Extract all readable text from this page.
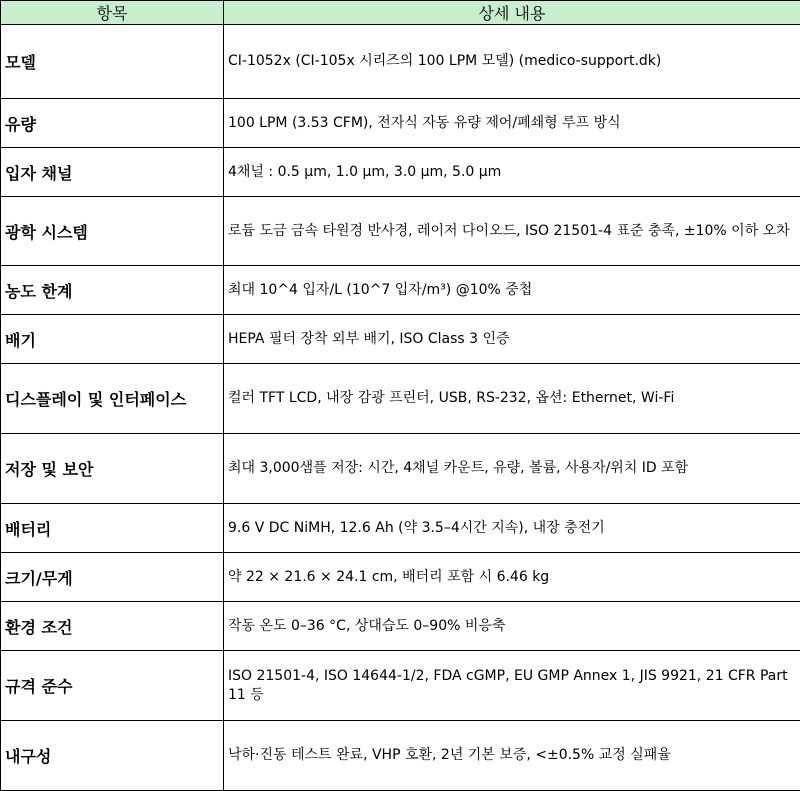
항목	상세 내용
모델	CI-1052x (CI-105x 시리즈의 100 LPM 모델) (medico-support.dk)
유량	100 LPM (3.53 CFM), 전자식 자동 유량 제어/폐쇄형 루프 방식
입자 채널	4채널 : 0.5 µm, 1.0 µm, 3.0 µm, 5.0 µm
광학 시스템	로듐 도금 금속 타원경 반사경, 레이저 다이오드, ISO 21501-4 표준 충족, ±10% 이하 오차
농도 한계	최대 10^4 입자/L (10^7 입자/m³) @10% 중첩
배기	HEPA 필터 장착 외부 배기, ISO Class 3 인증
디스플레이 및 인터페이스	컬러 TFT LCD, 내장 감광 프린터, USB, RS-232, 옵션: Ethernet, Wi-Fi
저장 및 보안	최대 3,000샘플 저장: 시간, 4채널 카운트, 유량, 볼륨, 사용자/위치 ID 포함
배터리	9.6 V DC NiMH, 12.6 Ah (약 3.5–4시간 지속), 내장 충전기
크기/무게	약 22 × 21.6 × 24.1 cm, 배터리 포함 시 6.46 kg
환경 조건	작동 온도 0–36 °C, 상대습도 0–90% 비응축
규격 준수	ISO 21501-4, ISO 14644-1/2, FDA cGMP, EU GMP Annex 1, JIS 9921, 21 CFR Part 11 등
내구성	낙하·진동 테스트 완료, VHP 호환, 2년 기본 보증, <±0.5% 교정 실패율
